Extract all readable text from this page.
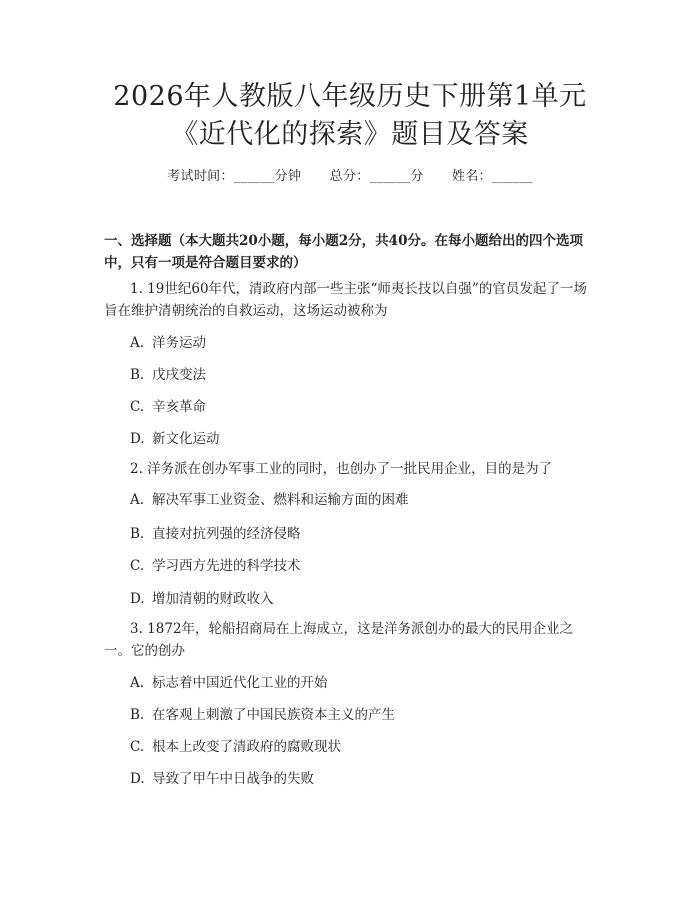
2026年人教版八年级历史下册第1单元《近代化的探索》题目及答案
考试时间：______分钟 总分：______分 姓名：______

一、选择题（本大题共20小题，每小题2分，共40分。在每小题给出的四个选项中，只有一项是符合题目要求的）

1. 19世纪60年代，清政府内部一些主张“师夷长技以自强”的官员发起了一场旨在维护清朝统治的自救运动，这场运动被称为

A. 洋务运动
B. 戊戌变法
C. 辛亥革命
D. 新文化运动

2. 洋务派在创办军事工业的同时，也创办了一批民用企业，目的是为了

A. 解决军事工业资金、燃料和运输方面的困难
B. 直接对抗列强的经济侵略
C. 学习西方先进的科学技术
D. 增加清朝的财政收入

3. 1872年，轮船招商局在上海成立，这是洋务派创办的最大的民用企业之一。它的创办

A. 标志着中国近代化工业的开始
B. 在客观上刺激了中国民族资本主义的产生
C. 根本上改变了清政府的腐败现状
D. 导致了甲午中日战争的失败
